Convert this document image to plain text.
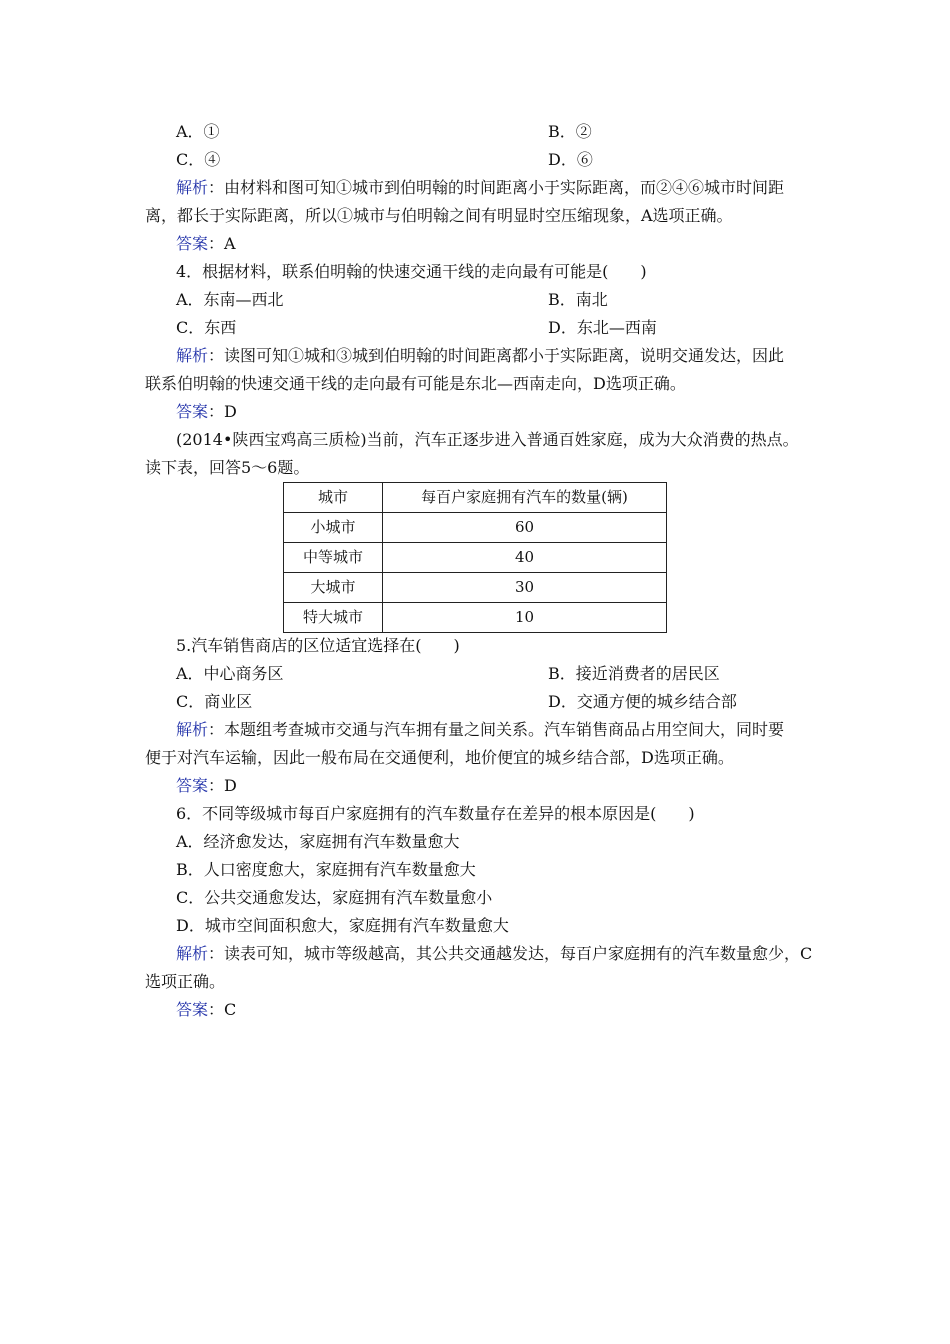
A．①	B．②
C．④	D．⑥
解析：由材料和图可知①城市到伯明翰的时间距离小于实际距离，而②④⑥城市时间距
离，都长于实际距离，所以①城市与伯明翰之间有明显时空压缩现象，A选项正确。
答案：A
4．根据材料，联系伯明翰的快速交通干线的走向最有可能是(　　)
A．东南—西北	B．南北
C．东西	D．东北—西南
解析：读图可知①城和③城到伯明翰的时间距离都小于实际距离，说明交通发达，因此
联系伯明翰的快速交通干线的走向最有可能是东北—西南走向，D选项正确。
答案：D
(2014•陕西宝鸡高三质检)当前，汽车正逐步进入普通百姓家庭，成为大众消费的热点。
读下表，回答5～6题。
城市	每百户家庭拥有汽车的数量(辆)
小城市	60
中等城市	40
大城市	30
特大城市	10
5.汽车销售商店的区位适宜选择在(　　)
A．中心商务区	B．接近消费者的居民区
C．商业区	D．交通方便的城乡结合部
解析：本题组考查城市交通与汽车拥有量之间关系。汽车销售商品占用空间大，同时要
便于对汽车运输，因此一般布局在交通便利，地价便宜的城乡结合部，D选项正确。
答案：D
6．不同等级城市每百户家庭拥有的汽车数量存在差异的根本原因是(　　)
A．经济愈发达，家庭拥有汽车数量愈大
B．人口密度愈大，家庭拥有汽车数量愈大
C．公共交通愈发达，家庭拥有汽车数量愈小
D．城市空间面积愈大，家庭拥有汽车数量愈大
解析：读表可知，城市等级越高，其公共交通越发达，每百户家庭拥有的汽车数量愈少，C
选项正确。
答案：C
